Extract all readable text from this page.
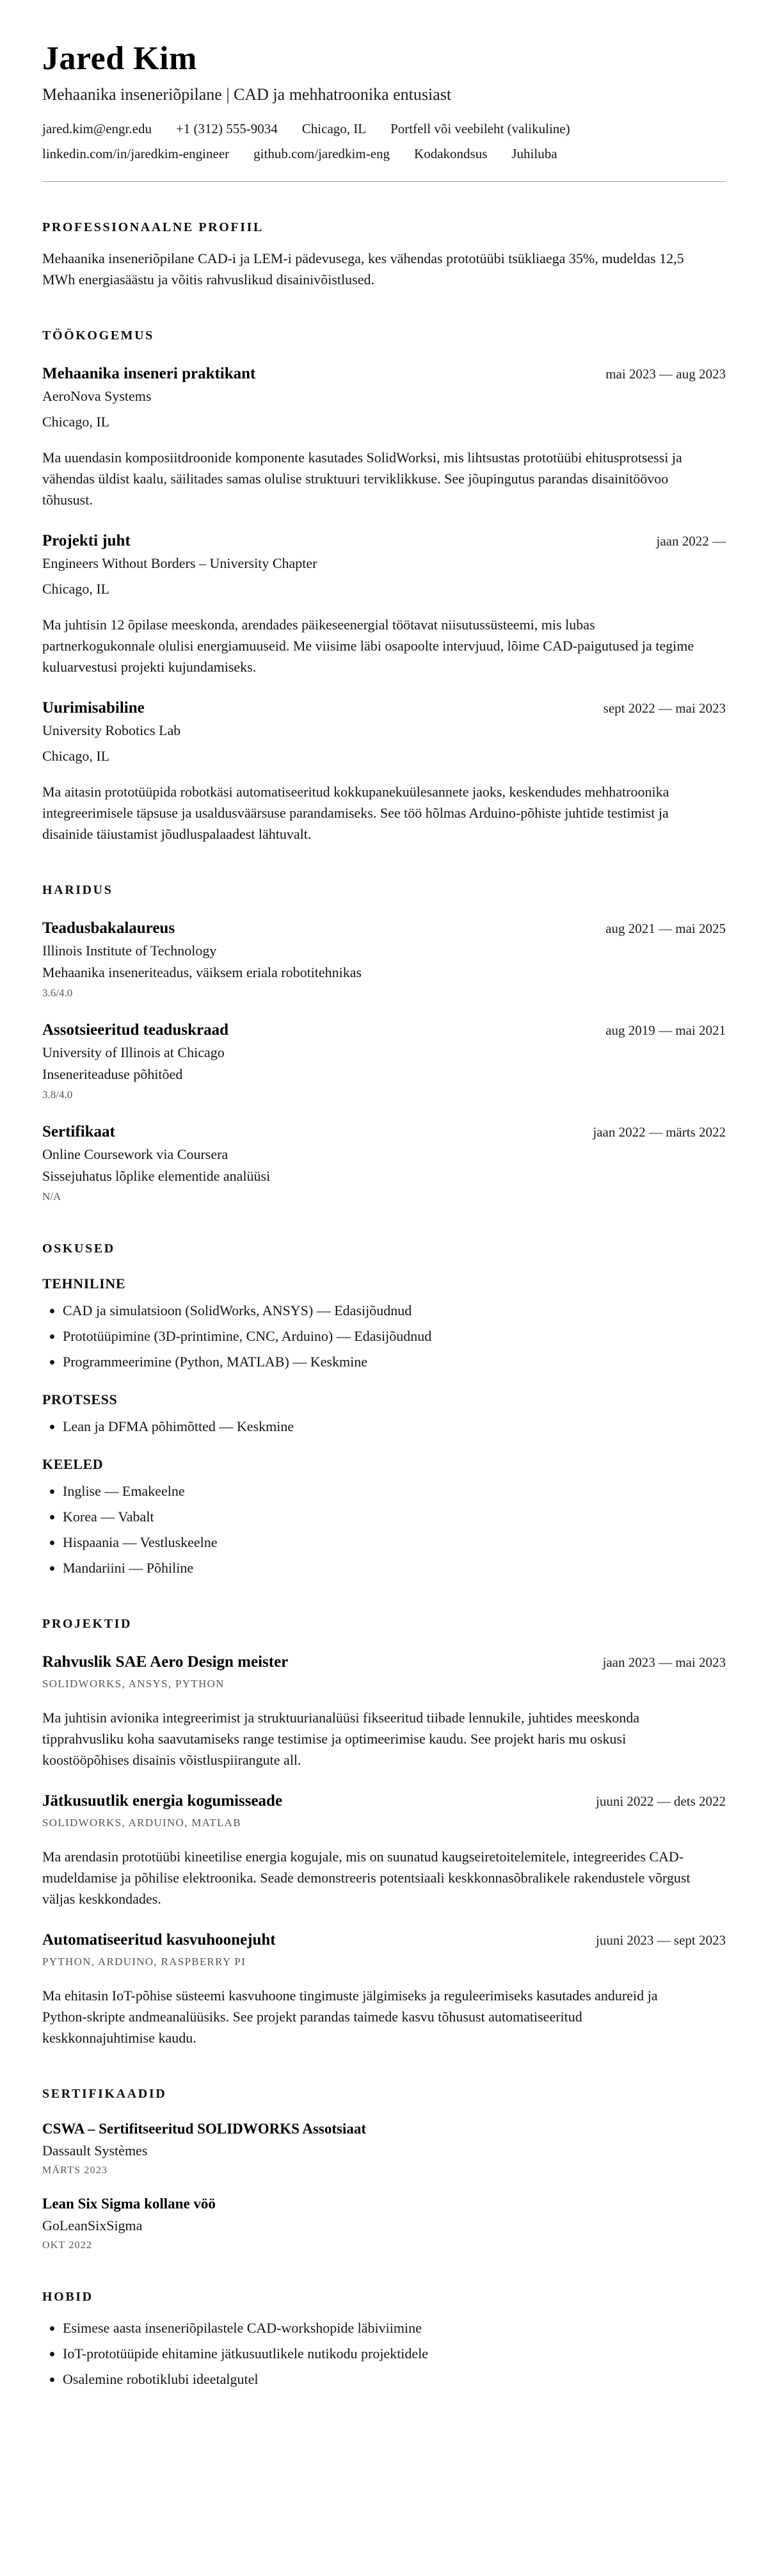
Jared Kim

Mehaanika inseneriõpilane | CAD ja mehhatroonika entusiast

jared.kim@engr.edu +1 (312) 555-9034 Chicago, IL Portfell või veebileht (valikuline)
linkedin.com/in/jaredkim-engineer github.com/jaredkim-eng Kodakondsus Juhiluba
PROFESSIONAALNE PROFIIL

Mehaanika inseneriõpilane CAD-i ja LEM-i pädevusega, kes vähendas prototüübi tsükliaega 35%, mudeldas 12,5 MWh energiasäästu ja võitis rahvuslikud disainivõistlused.

TÖÖKOGEMUS
Mehaanika inseneri praktikant	mai 2023 — aug 2023

AeroNova Systems

Chicago, IL

Ma uuendasin komposiitdroonide komponente kasutades SolidWorksi, mis lihtsustas prototüübi ehitusprotsessi ja vähendas üldist kaalu, säilitades samas olulise struktuuri terviklikkuse. See jõupingutus parandas disainitöövoo tõhusust.

Projekti juht	jaan 2022 —

Engineers Without Borders – University Chapter

Chicago, IL

Ma juhtisin 12 õpilase meeskonda, arendades päikeseenergial töötavat niisutussüsteemi, mis lubas partnerkogukonnale olulisi energiamuuseid. Me viisime läbi osapoolte intervjuud, lõime CAD-paigutused ja tegime kuluarvestusi projekti kujundamiseks.

Uurimisabiline	sept 2022 — mai 2023

University Robotics Lab

Chicago, IL

Ma aitasin prototüüpida robotkäsi automatiseeritud kokkupanekuülesannete jaoks, keskendudes mehhatroonika integreerimisele täpsuse ja usaldusväärsuse parandamiseks. See töö hõlmas Arduino-põhiste juhtide testimist ja disainide täiustamist jõudluspalaadest lähtuvalt.

HARIDUS
Teadusbakalaureus	aug 2021 — mai 2025

Illinois Institute of Technology

Mehaanika inseneriteadus, väiksem eriala robotitehnikas

3.6/4.0

Assotsieeritud teaduskraad	aug 2019 — mai 2021

University of Illinois at Chicago

Inseneriteaduse põhitõed

3.8/4.0

Sertifikaat	jaan 2022 — märts 2022

Online Coursework via Coursera

Sissejuhatus lõplike elementide analüüsi

N/A

OSKUSED
TEHNILINE
• CAD ja simulatsioon (SolidWorks, ANSYS) — Edasijõudnud
• Prototüüpimine (3D-printimine, CNC, Arduino) — Edasijõudnud
• Programmeerimine (Python, MATLAB) — Keskmine
PROTSESS
• Lean ja DFMA põhimõtted — Keskmine
KEELED
• Inglise — Emakeelne
• Korea — Vabalt
• Hispaania — Vestluskeelne
• Mandariini — Põhiline
PROJEKTID
Rahvuslik SAE Aero Design meister	jaan 2023 — mai 2023

SOLIDWORKS, ANSYS, PYTHON

Ma juhtisin avionika integreerimist ja struktuurianalüüsi fikseeritud tiibade lennukile, juhtides meeskonda tipprahvusliku koha saavutamiseks range testimise ja optimeerimise kaudu. See projekt haris mu oskusi koostööpõhises disainis võistluspiirangute all.

Jätkusuutlik energia kogumisseade	juuni 2022 — dets 2022

SOLIDWORKS, ARDUINO, MATLAB

Ma arendasin prototüübi kineetilise energia kogujale, mis on suunatud kaugseiretoitelemitele, integreerides CAD-mudeldamise ja põhilise elektroonika. Seade demonstreeris potentsiaali keskkonnasõbralikele rakendustele võrgust väljas keskkondades.

Automatiseeritud kasvuhoonejuht	juuni 2023 — sept 2023

PYTHON, ARDUINO, RASPBERRY PI

Ma ehitasin IoT-põhise süsteemi kasvuhoone tingimuste jälgimiseks ja reguleerimiseks kasutades andureid ja Python-skripte andmeanalüüsiks. See projekt parandas taimede kasvu tõhusust automatiseeritud keskkonnajuhtimise kaudu.

SERTIFIKAADID
CSWA – Sertifitseeritud SOLIDWORKS Assotsiaat

Dassault Systèmes

MÄRTS 2023

Lean Six Sigma kollane vöö

GoLeanSixSigma

OKT 2022

HOBID
• Esimese aasta inseneriõpilastele CAD-workshopide läbiviimine
• IoT-prototüüpide ehitamine jätkusuutlikele nutikodu projektidele
• Osalemine robotiklubi ideetalgutel
